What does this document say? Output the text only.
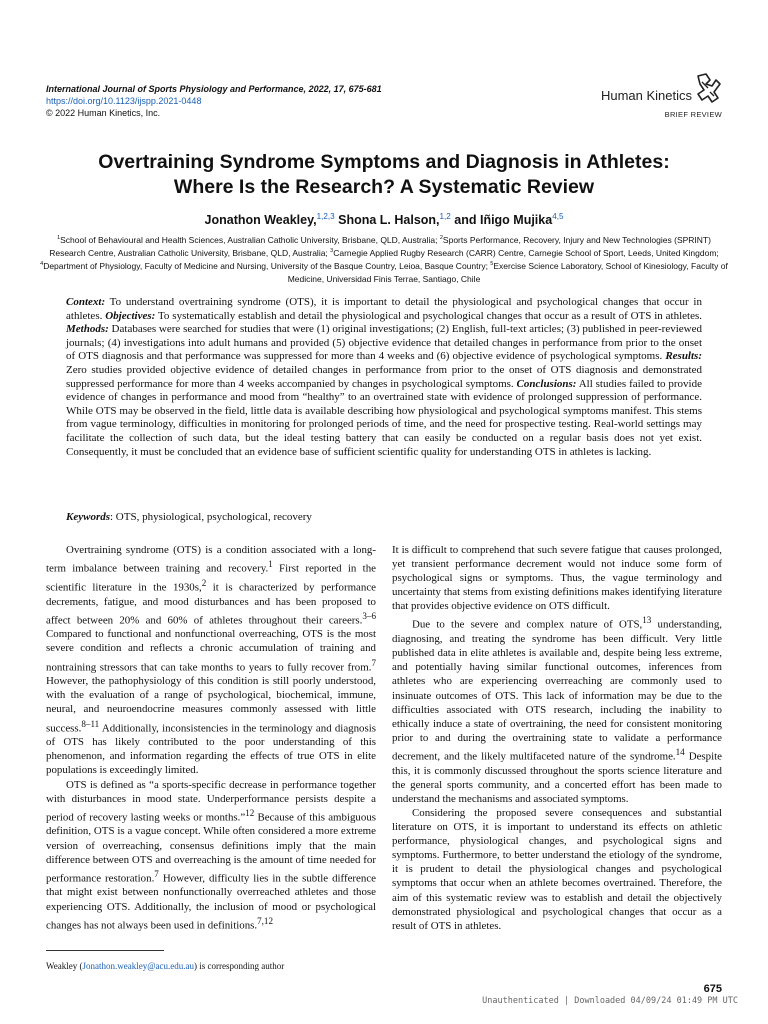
International Journal of Sports Physiology and Performance, 2022, 17, 675-681
https://doi.org/10.1123/ijspp.2021-0448
© 2022 Human Kinetics, Inc.
Human Kinetics
BRIEF REVIEW
Overtraining Syndrome Symptoms and Diagnosis in Athletes:
Where Is the Research? A Systematic Review
Jonathon Weakley,$^{1,2,3}$ Shona L. Halson,$^{1,2}$ and Iñigo Mujika$^{4,5}$
$^1$School of Behavioural and Health Sciences, Australian Catholic University, Brisbane, QLD, Australia; $^2$Sports Performance, Recovery, Injury and New Technologies (SPRINT) Research Centre, Australian Catholic University, Brisbane, QLD, Australia; $^3$Carnegie Applied Rugby Research (CARR) Centre, Carnegie School of Sport, Leeds, United Kingdom; $^4$Department of Physiology, Faculty of Medicine and Nursing, University of the Basque Country, Leioa, Basque Country; $^5$Exercise Science Laboratory, School of Kinesiology, Faculty of Medicine, Universidad Finis Terrae, Santiago, Chile
Context: To understand overtraining syndrome (OTS), it is important to detail the physiological and psychological changes that occur in athletes. Objectives: To systematically establish and detail the physiological and psychological changes that occur as a result of OTS in athletes. Methods: Databases were searched for studies that were (1) original investigations; (2) English, full-text articles; (3) published in peer-reviewed journals; (4) investigations into adult humans and provided (5) objective evidence that detailed changes in performance from prior to the onset of OTS diagnosis and that performance was suppressed for more than 4 weeks and (6) objective evidence of psychological symptoms. Results: Zero studies provided objective evidence of detailed changes in performance from prior to the onset of OTS diagnosis and demonstrated suppressed performance for more than 4 weeks accompanied by changes in psychological symptoms. Conclusions: All studies failed to provide evidence of changes in performance and mood from “healthy” to an overtrained state with evidence of prolonged suppression of performance. While OTS may be observed in the field, little data is available describing how physiological and psychological symptoms manifest. This stems from vague terminology, difficulties in monitoring for prolonged periods of time, and the need for prospective testing. Real-world settings may facilitate the collection of such data, but the ideal testing battery that can easily be conducted on a regular basis does not yet exist. Consequently, it must be concluded that an evidence base of sufficient scientific quality for understanding OTS in athletes is lacking.
Keywords: OTS, physiological, psychological, recovery

Overtraining syndrome (OTS) is a condition associated with a long-term imbalance between training and recovery.$^1$ First reported in the scientific literature in the 1930s,$^2$ it is characterized by performance decrements, fatigue, and mood disturbances and has been proposed to affect between 20% and 60% of athletes throughout their careers.$^{3-6}$ Compared to functional and nonfunctional overreaching, OTS is the most severe condition and reflects a chronic accumulation of training and nontraining stressors that can take months to years to fully recover from.$^7$ However, the pathophysiology of this condition is still poorly understood, with the evaluation of a range of psychological, biochemical, immune, neural, and neuroendocrine measures commonly assessed with little success.$^{8-11}$ Additionally, inconsistencies in the terminology and diagnosis of OTS has likely contributed to the poor understanding of this phenomenon, and information regarding the effects of true OTS in elite populations is exceedingly limited.

OTS is defined as “a sports-specific decrease in performance together with disturbances in mood state. Underperformance persists despite a period of recovery lasting weeks or months.”$^{12}$ Because of this ambiguous definition, OTS is a vague concept. While often considered a more extreme version of overreaching, consensus definitions imply that the main difference between OTS and overreaching is the amount of time needed for performance restoration.$^7$ However, difficulty lies in the subtle difference that might exist between nonfunctionally overreached athletes and those experiencing OTS. Additionally, the inclusion of mood or psychological changes has not always been used in definitions.$^{7,12}$

It is difficult to comprehend that such severe fatigue that causes prolonged, yet transient performance decrement would not induce some form of psychological signs or symptoms. Thus, the vague terminology and uncertainty that stems from existing definitions makes identifying literature that provides objective evidence on OTS difficult.

Due to the severe and complex nature of OTS,$^{13}$ understanding, diagnosing, and treating the syndrome has been difficult. Very little published data in elite athletes is available and, despite being less extreme, and potentially having similar functional outcomes, inferences from athletes who are experiencing overreaching are commonly used to insinuate outcomes of OTS. This lack of information may be due to the difficulties associated with OTS research, including the inability to ethically induce a state of overtraining, the need for consistent monitoring prior to and during the overtraining state to validate a performance decrement, and the likely multifaceted nature of the syndrome.$^{14}$ Despite this, it is commonly discussed throughout the sports science literature and the general sports community, and a concerted effort has been made to understand the mechanisms and associated symptoms.

Considering the proposed severe consequences and substantial literature on OTS, it is important to understand its effects on athletic performance, physiological changes, and psychological signs and symptoms. Furthermore, to better understand the etiology of the syndrome, it is prudent to detail the physiological changes and psychological symptoms that occur when an athlete becomes overtrained. Therefore, the aim of this systematic review was to establish and detail the objectively demonstrated physiological and psychological changes that occur as a result of OTS in athletes.

Weakley (Jonathon.weakley@acu.edu.au) is corresponding author
675
Unauthenticated | Downloaded 04/09/24 01:49 PM UTC
